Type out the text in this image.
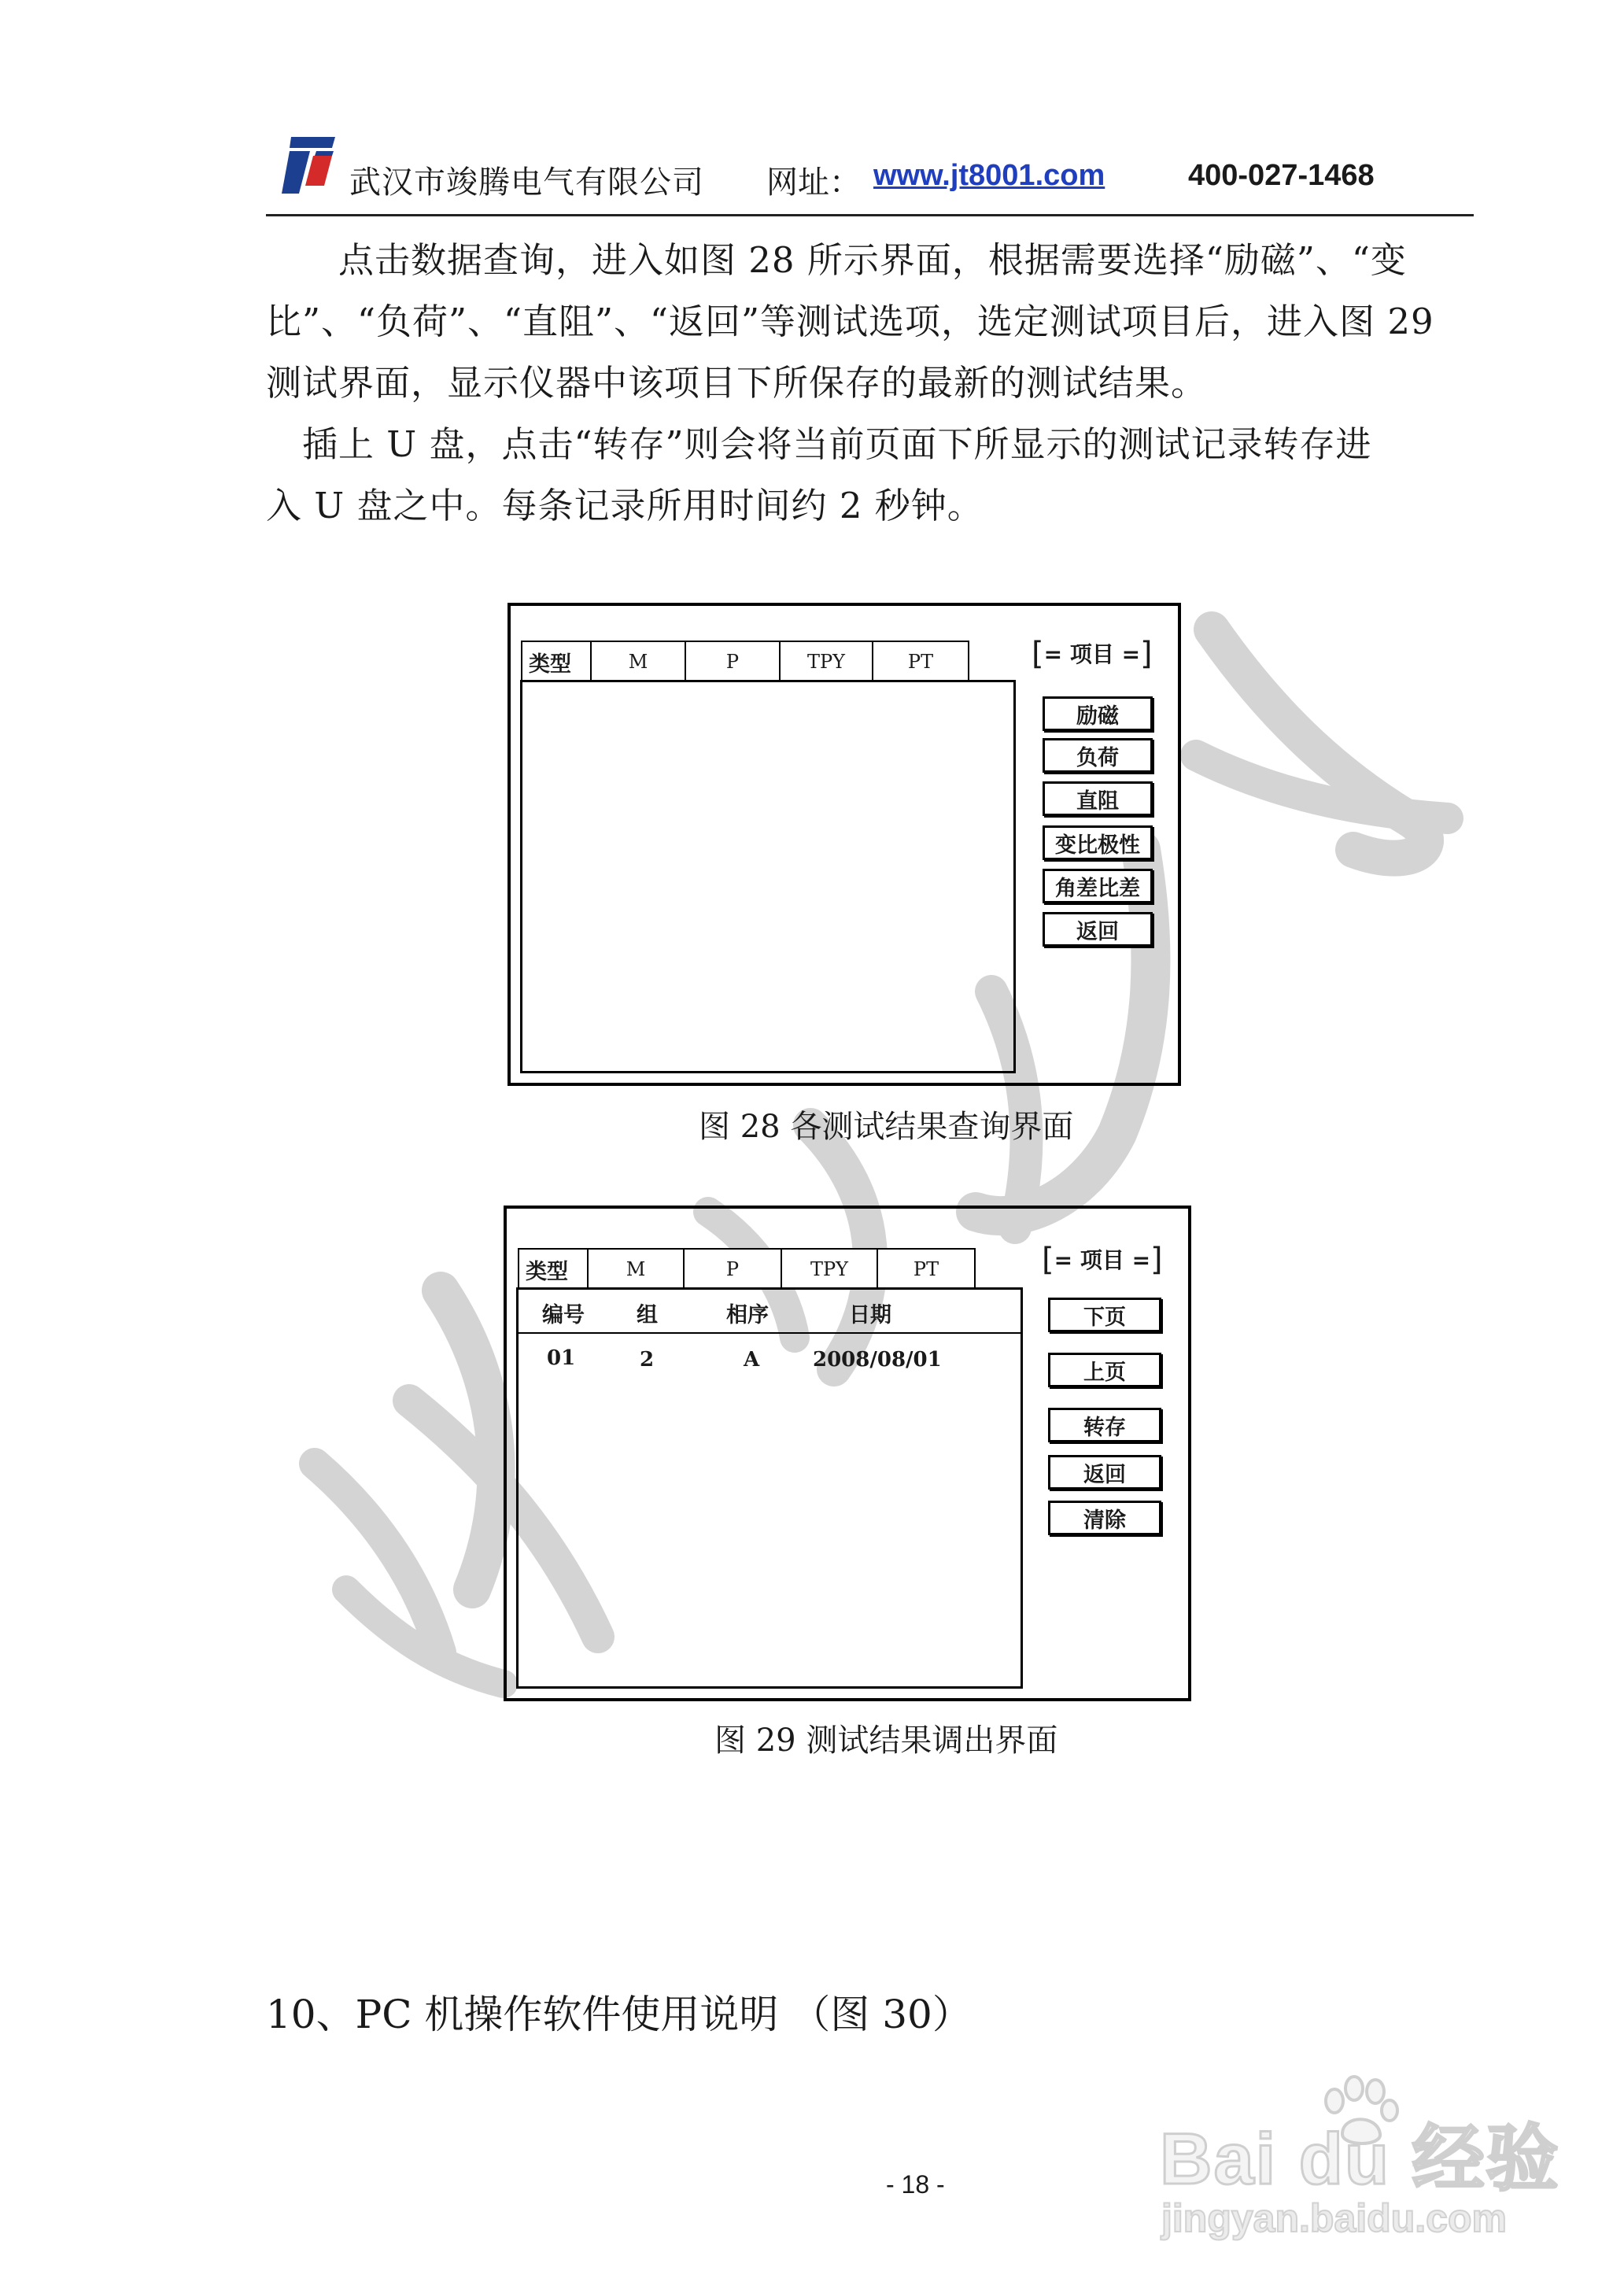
武汉市竣腾电气有限公司 网址： www.jt8001.com	400-027-1468

　　点击数据查询，进入如图 28 所示界面，根据需要选择“励磁”、“变

比”、“负荷”、“直阻”、“返回”等测试选项，选定测试项目后，进入图 29

测试界面，显示仪器中该项目下所保存的最新的测试结果。

　插上 U 盘，点击“转存”则会将当前页面下所显示的测试记录转存进

入 U 盘之中。每条记录所用时间约 2 秒钟。

类型	M	P	TPY	PT	[= 项目 =]
励磁
负荷
直阻
变比极性
角差比差
返回
图 28 各测试结果查询界面
类型	M	P	TPY	PT
编号 组	相序	日期
01	2	A	2008/08/01
[= 项目 =]
下页
上页
转存
返回
清除
图 29 测试结果调出界面
10、PC 机操作软件使用说明 （图 30）
- 18 -	Bai du 经验
jingyan.baidu.com
